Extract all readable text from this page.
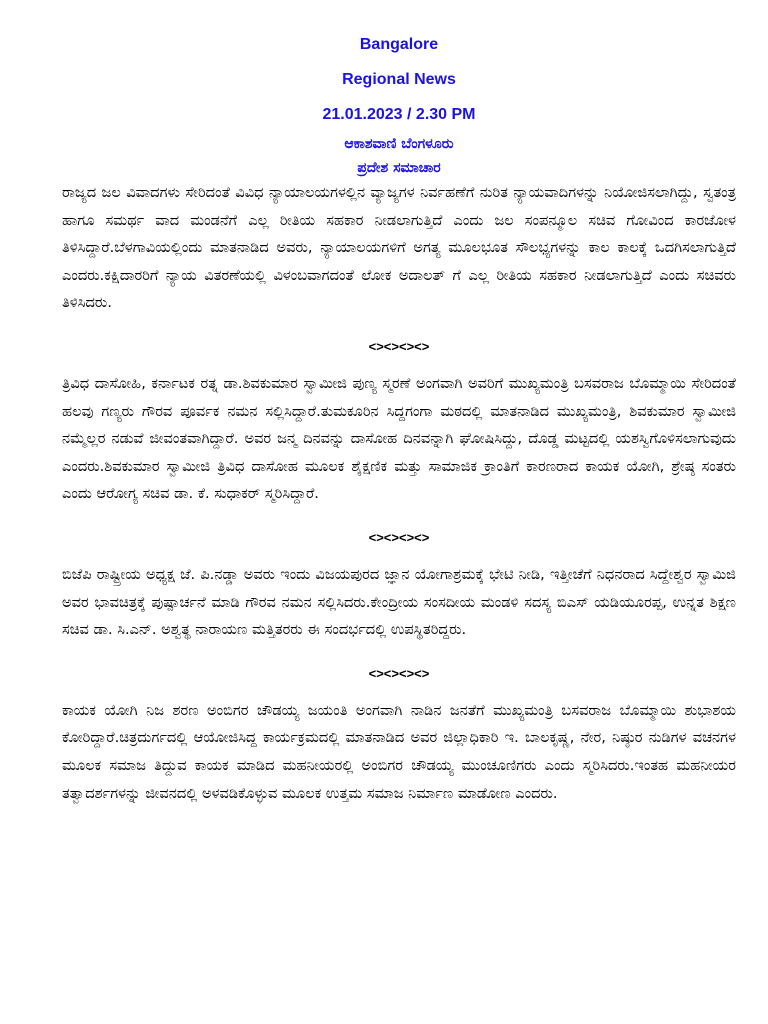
Bangalore
Regional News
21.01.2023 / 2.30 PM
ಆಕಾಶವಾಣಿ ಬೆಂಗಳೂರು
ಪ್ರದೇಶ ಸಮಾಚಾರ

ರಾಜ್ಯದ ಜಲ ವಿವಾದಗಳು ಸೇರಿದಂತೆ ವಿವಿಧ ನ್ಯಾಯಾಲಯಗಳಲ್ಲಿನ ವ್ಯಾಜ್ಯಗಳ ನಿರ್ವಹಣೆಗೆ ನುರಿತ ನ್ಯಾಯವಾದಿಗಳನ್ನು ನಿಯೋಜಿಸಲಾಗಿದ್ದು, ಸ್ವತಂತ್ರ ಹಾಗೂ ಸಮರ್ಥ ವಾದ ಮಂಡನೆಗೆ ಎಲ್ಲ ರೀತಿಯ ಸಹಕಾರ ನೀಡಲಾಗುತ್ತಿದೆ ಎಂದು ಜಲ ಸಂಪನ್ಮೂಲ ಸಚಿವ ಗೋವಿಂದ ಕಾರಜೋಳ ತಿಳಿಸಿದ್ದಾರೆ.ಬೆಳಗಾವಿಯಲ್ಲಿಂದು ಮಾತನಾಡಿದ ಅವರು, ನ್ಯಾಯಾಲಯಗಳಿಗೆ ಅಗತ್ಯ ಮೂಲಭೂತ ಸೌಲಭ್ಯಗಳನ್ನು ಕಾಲ ಕಾಲಕ್ಕೆ ಒದಗಿಸಲಾಗುತ್ತಿದೆ ಎಂದರು.ಕಕ್ಷಿದಾರರಿಗೆ ನ್ಯಾಯ ವಿತರಣೆಯಲ್ಲಿ ವಿಳಂಬವಾಗದಂತೆ ಲೋಕ ಅದಾಲತ್ ಗೆ ಎಲ್ಲ ರೀತಿಯ ಸಹಕಾರ ನೀಡಲಾಗುತ್ತಿದೆ ಎಂದು ಸಚಿವರು ತಿಳಿಸಿದರು.

<><><><>

ತ್ರಿವಿಧ ದಾಸೋಹಿ, ಕರ್ನಾಟಕ ರತ್ನ ಡಾ.ಶಿವಕುಮಾರ ಸ್ವಾಮೀಜಿ ಪುಣ್ಯ ಸ್ಮರಣೆ ಅಂಗವಾಗಿ ಅವರಿಗೆ ಮುಖ್ಯಮಂತ್ರಿ ಬಸವರಾಜ ಬೊಮ್ಮಾಯಿ ಸೇರಿದಂತೆ ಹಲವು ಗಣ್ಯರು ಗೌರವ ಪೂರ್ವಕ ನಮನ ಸಲ್ಲಿಸಿದ್ದಾರೆ.ತುಮಕೂರಿನ ಸಿದ್ದಗಂಗಾ ಮಠದಲ್ಲಿ ಮಾತನಾಡಿದ ಮುಖ್ಯಮಂತ್ರಿ, ಶಿವಕುಮಾರ ಸ್ವಾಮೀಜಿ ನಮ್ಮೆಲ್ಲರ ನಡುವೆ ಜೀವಂತವಾಗಿದ್ದಾರೆ. ಅವರ ಜನ್ಮ ದಿನವನ್ನು ದಾಸೋಹ ದಿನವನ್ನಾಗಿ ಘೋಷಿಸಿದ್ದು, ದೊಡ್ಡ ಮಟ್ಟದಲ್ಲಿ ಯಶಸ್ವಿಗೊಳಿಸಲಾಗುವುದು ಎಂದರು.ಶಿವಕುಮಾರ ಸ್ವಾಮೀಜಿ ತ್ರಿವಿಧ ದಾಸೋಹ ಮೂಲಕ ಶೈಕ್ಷಣಿಕ ಮತ್ತು ಸಾಮಾಜಿಕ ಕ್ರಾಂತಿಗೆ ಕಾರಣರಾದ ಕಾಯಕ ಯೋಗಿ, ಶ್ರೇಷ್ಠ ಸಂತರು ಎಂದು ಆರೋಗ್ಯ ಸಚಿವ ಡಾ. ಕೆ. ಸುಧಾಕರ್ ಸ್ಮರಿಸಿದ್ದಾರೆ.

<><><><>

ಬಿಜೆಪಿ ರಾಷ್ಟ್ರೀಯ ಅಧ್ಯಕ್ಷ ಜೆ. ಪಿ.ನಡ್ಡಾ ಅವರು ಇಂದು ವಿಜಯಪುರದ ಜ್ಞಾನ ಯೋಗಾಶ್ರಮಕ್ಕೆ ಭೇಟಿ ನೀಡಿ, ಇತ್ತೀಚೆಗೆ ನಿಧನರಾದ ಸಿದ್ದೇಶ್ವರ ಸ್ವಾಮಿಜಿ ಅವರ ಭಾವಚಿತ್ರಕ್ಕೆ ಪುಷ್ಪಾರ್ಚನೆ ಮಾಡಿ ಗೌರವ ನಮನ ಸಲ್ಲಿಸಿದರು.ಕೇಂದ್ರೀಯ ಸಂಸದೀಯ ಮಂಡಳಿ ಸದಸ್ಯ ಬಿಎಸ್ ಯಡಿಯೂರಪ್ಪ, ಉನ್ನತ ಶಿಕ್ಷಣ ಸಚಿವ ಡಾ. ಸಿ.ಎನ್. ಅಶ್ವತ್ಥ ನಾರಾಯಣ ಮತ್ತಿತರರು ಈ ಸಂದರ್ಭದಲ್ಲಿ ಉಪಸ್ಥಿತರಿದ್ದರು.

<><><><>

ಕಾಯಕ ಯೋಗಿ ನಿಜ ಶರಣ ಅಂಬಿಗರ ಚೌಡಯ್ಯ ಜಯಂತಿ ಅಂಗವಾಗಿ ನಾಡಿನ ಜನತೆಗೆ ಮುಖ್ಯಮಂತ್ರಿ ಬಸವರಾಜ ಬೊಮ್ಮಾಯಿ ಶುಭಾಶಯ ಕೋರಿದ್ದಾರೆ.ಚಿತ್ರದುರ್ಗದಲ್ಲಿ ಆಯೋಜಿಸಿದ್ದ ಕಾರ್ಯಕ್ರಮದಲ್ಲಿ ಮಾತನಾಡಿದ ಅವರ ಜಿಲ್ಲಾಧಿಕಾರಿ ಇ. ಬಾಲಕೃಷ್ಣ, ನೇರ, ನಿಷ್ಠುರ ನುಡಿಗಳ ವಚನಗಳ ಮೂಲಕ ಸಮಾಜ ತಿದ್ದುವ ಕಾಯಕ ಮಾಡಿದ ಮಹನೀಯರಲ್ಲಿ ಅಂಬಿಗರ ಚೌಡಯ್ಯ ಮುಂಚೂಣಿಗರು ಎಂದು ಸ್ಮರಿಸಿದರು.ಇಂತಹ ಮಹನೀಯರ ತತ್ವಾದರ್ಶಗಳನ್ನು ಜೀವನದಲ್ಲಿ ಅಳವಡಿಕೊಳ್ಳುವ ಮೂಲಕ ಉತ್ತಮ ಸಮಾಜ ನಿರ್ಮಾಣ ಮಾಡೋಣ ಎಂದರು.
